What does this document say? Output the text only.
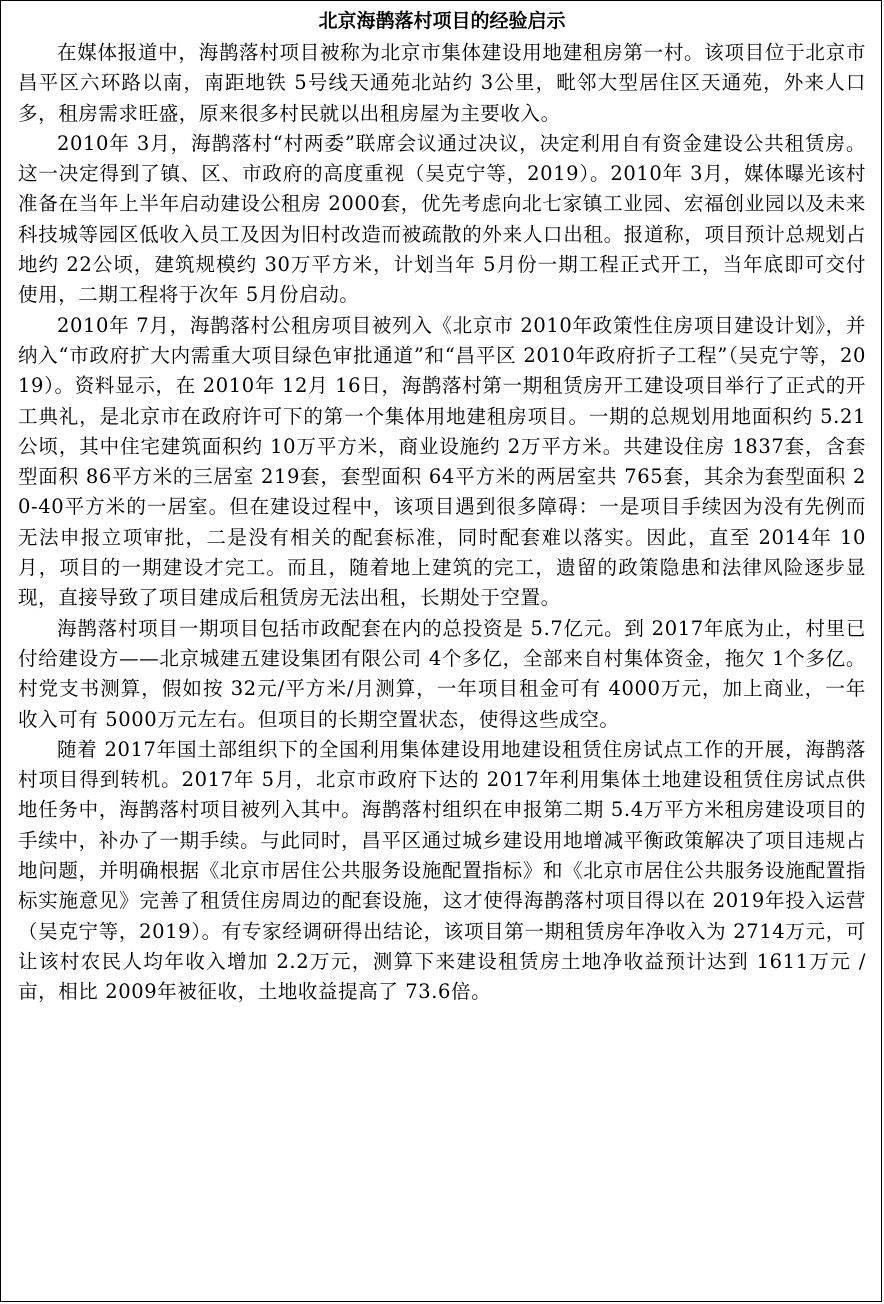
北京海鹊落村项目的经验启示

在媒体报道中，海鹊落村项目被称为北京市集体建设用地建租房第一村。该项目位于北京市昌平区六环路以南，南距地铁 5号线天通苑北站约 3公里，毗邻大型居住区天通苑，外来人口多，租房需求旺盛，原来很多村民就以出租房屋为主要收入。

2010年 3月，海鹊落村“村两委”联席会议通过决议，决定利用自有资金建设公共租赁房。这一决定得到了镇、区、市政府的高度重视（吴克宁等，2019）。2010年 3月，媒体曝光该村准备在当年上半年启动建设公租房 2000套，优先考虑向北七家镇工业园、宏福创业园以及未来科技城等园区低收入员工及因为旧村改造而被疏散的外来人口出租。报道称，项目预计总规划占地约 22公顷，建筑规模约 30万平方米，计划当年 5月份一期工程正式开工，当年底即可交付使用，二期工程将于次年 5月份启动。

2010年 7月，海鹊落村公租房项目被列入《北京市 2010年政策性住房项目建设计划》，并纳入“市政府扩大内需重大项目绿色审批通道”和“昌平区 2010年政府折子工程”（吴克宁等，2019）。资料显示，在 2010年 12月 16日，海鹊落村第一期租赁房开工建设项目举行了正式的开工典礼，是北京市在政府许可下的第一个集体用地建租房项目。一期的总规划用地面积约 5.21公顷，其中住宅建筑面积约 10万平方米，商业设施约 2万平方米。共建设住房 1837套，含套型面积 86平方米的三居室 219套，套型面积 64平方米的两居室共 765套，其余为套型面积 20-40平方米的一居室。但在建设过程中，该项目遇到很多障碍：一是项目手续因为没有先例而无法申报立项审批，二是没有相关的配套标准，同时配套难以落实。因此，直至 2014年 10月，项目的一期建设才完工。而且，随着地上建筑的完工，遗留的政策隐患和法律风险逐步显现，直接导致了项目建成后租赁房无法出租，长期处于空置。

海鹊落村项目一期项目包括市政配套在内的总投资是 5.7亿元。到 2017年底为止，村里已付给建设方——北京城建五建设集团有限公司 4个多亿，全部来自村集体资金，拖欠 1个多亿。村党支书测算，假如按 32元/平方米/月测算，一年项目租金可有 4000万元，加上商业，一年收入可有 5000万元左右。但项目的长期空置状态，使得这些成空。

随着 2017年国土部组织下的全国利用集体建设用地建设租赁住房试点工作的开展，海鹊落村项目得到转机。2017年 5月，北京市政府下达的 2017年利用集体土地建设租赁住房试点供地任务中，海鹊落村项目被列入其中。海鹊落村组织在申报第二期 5.4万平方米租房建设项目的手续中，补办了一期手续。与此同时，昌平区通过城乡建设用地增减平衡政策解决了项目违规占地问题，并明确根据《北京市居住公共服务设施配置指标》和《北京市居住公共服务设施配置指标实施意见》完善了租赁住房周边的配套设施，这才使得海鹊落村项目得以在 2019年投入运营（吴克宁等，2019）。有专家经调研得出结论，该项目第一期租赁房年净收入为 2714万元，可让该村农民人均年收入增加 2.2万元，测算下来建设租赁房土地净收益预计达到 1611万元 / 亩，相比 2009年被征收，土地收益提高了 73.6倍。
